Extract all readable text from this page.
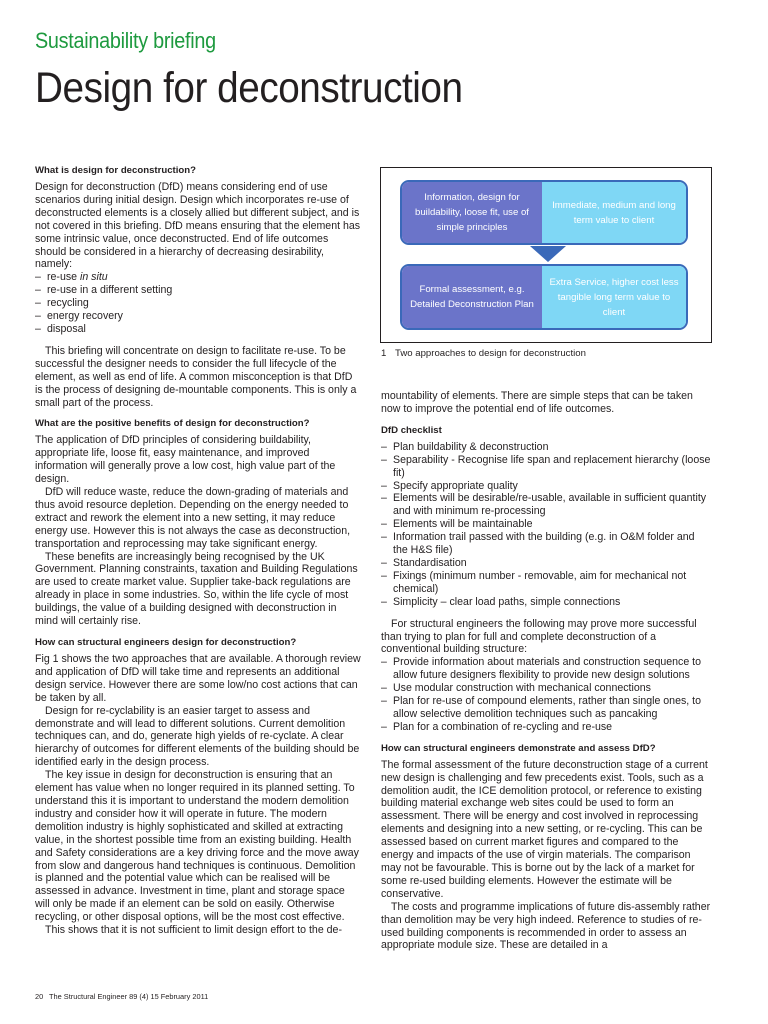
Sustainability briefing
Design for deconstruction
What is design for deconstruction?

Design for deconstruction (DfD) means considering end of use scenarios during initial design. Design which incorporates re-use of deconstructed elements is a closely allied but different subject, and is not covered in this briefing. DfD means ensuring that the element has some intrinsic value, once deconstructed. End of life outcomes should be considered in a hierarchy of decreasing desirability, namely:

– re-use in situ
– re-use in a different setting
– recycling
– energy recovery
– disposal

This briefing will concentrate on design to facilitate re-use. To be successful the designer needs to consider the full lifecycle of the element, as well as end of life. A common misconception is that DfD is the process of designing de-mountable components. This is only a small part of the process.

What are the positive benefits of design for deconstruction?

The application of DfD principles of considering buildability, appropriate life, loose fit, easy maintenance, and improved information will generally prove a low cost, high value part of the design.

DfD will reduce waste, reduce the down-grading of materials and thus avoid resource depletion. Depending on the energy needed to extract and rework the element into a new setting, it may reduce energy use. However this is not always the case as deconstruction, transportation and reprocessing may take significant energy.

These benefits are increasingly being recognised by the UK Government. Planning constraints, taxation and Building Regulations are used to create market value. Supplier take-back regulations are already in place in some industries. So, within the life cycle of most buildings, the value of a building designed with deconstruction in mind will certainly rise.

How can structural engineers design for deconstruction?

Fig 1 shows the two approaches that are available. A thorough review and application of DfD will take time and represents an additional design service. However there are some low/no cost actions that can be taken by all.

Design for re-cyclability is an easier target to assess and demonstrate and will lead to different solutions. Current demolition techniques can, and do, generate high yields of re-cyclate. A clear hierarchy of outcomes for different elements of the building should be identified early in the design process.

The key issue in design for deconstruction is ensuring that an element has value when no longer required in its planned setting. To understand this it is important to understand the modern demolition industry and consider how it will operate in future. The modern demolition industry is highly sophisticated and skilled at extracting value, in the shortest possible time from an existing building. Health and Safety considerations are a key driving force and the move away from slow and dangerous hand techniques is continuous. Demolition is planned and the potential value which can be realised will be assessed in advance. Investment in time, plant and storage space will only be made if an element can be sold on easily. Otherwise recycling, or other disposal options, will be the most cost effective.

This shows that it is not sufficient to limit design effort to the de-

Information, design for buildability, loose fit, use of simple principles
Immediate, medium and long term value to client
Formal assessment, e.g. Detailed Deconstruction Plan
Extra Service, higher cost less tangible long term value to client
1 Two approaches to design for deconstruction

mountability of elements. There are simple steps that can be taken now to improve the potential end of life outcomes.

DfD checklist
– Plan buildability & deconstruction
– Separability - Recognise life span and replacement hierarchy (loose fit)
– Specify appropriate quality
– Elements will be desirable/re-usable, available in sufficient quantity and with minimum re-processing
– Elements will be maintainable
– Information trail passed with the building (e.g. in O&M folder and the H&S file)
– Standardisation
– Fixings (minimum number - removable, aim for mechanical not chemical)
– Simplicity – clear load paths, simple connections

For structural engineers the following may prove more successful than trying to plan for full and complete deconstruction of a conventional building structure:

– Provide information about materials and construction sequence to allow future designers flexibility to provide new design solutions
– Use modular construction with mechanical connections
– Plan for re-use of compound elements, rather than single ones, to allow selective demolition techniques such as pancaking
– Plan for a combination of re-cycling and re-use
How can structural engineers demonstrate and assess DfD?

The formal assessment of the future deconstruction stage of a current new design is challenging and few precedents exist. Tools, such as a demolition audit, the ICE demolition protocol, or reference to existing building material exchange web sites could be used to form an assessment. There will be energy and cost involved in reprocessing elements and designing into a new setting, or re-cycling. This can be assessed based on current market figures and compared to the energy and impacts of the use of virgin materials. The comparison may not be favourable. This is borne out by the lack of a market for some re-used building elements. However the estimate will be conservative.

The costs and programme implications of future dis-assembly rather than demolition may be very high indeed. Reference to studies of re-used building components is recommended in order to assess an appropriate module size. These are detailed in a

20 The Structural Engineer 89 (4) 15 February 2011
